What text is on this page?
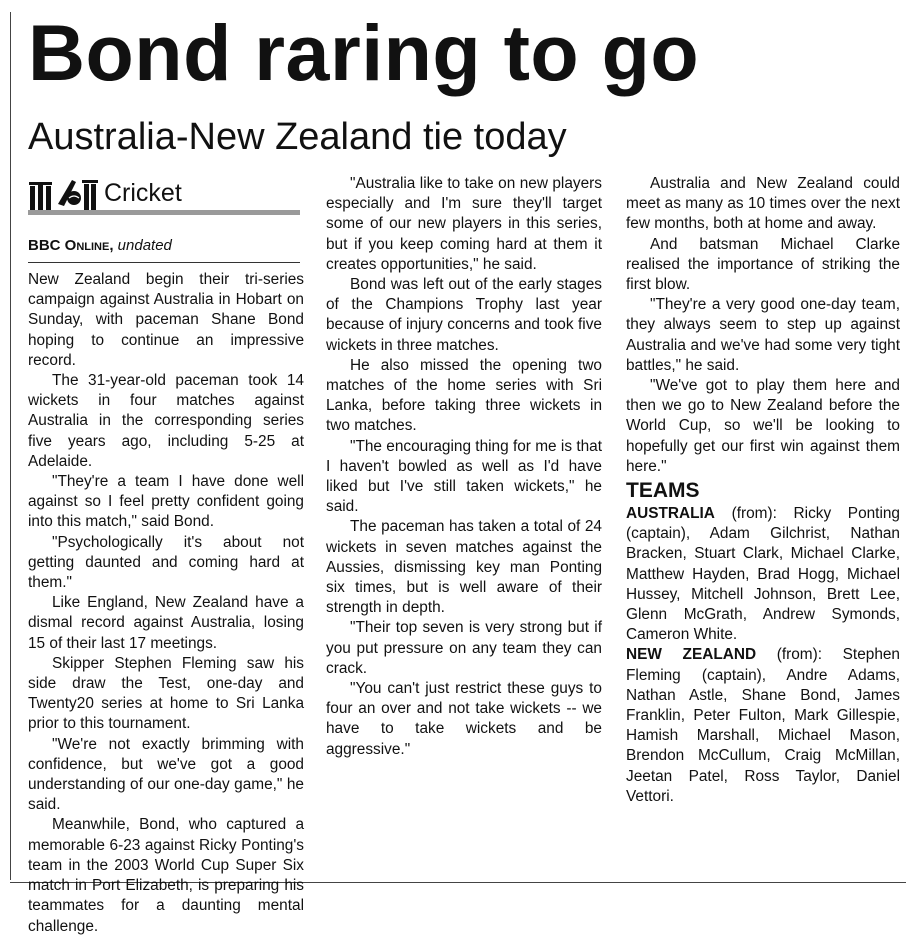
Bond raring to go
Australia-New Zealand tie today
Cricket
BBC Online, undated

New Zealand begin their tri-series campaign against Australia in Hobart on Sunday, with paceman Shane Bond hoping to continue an impressive record.

The 31-year-old paceman took 14 wickets in four matches against Australia in the corresponding series five years ago, including 5-25 at Adelaide.

"They're a team I have done well against so I feel pretty confident going into this match," said Bond.

"Psychologically it's about not getting daunted and coming hard at them."

Like England, New Zealand have a dismal record against Australia, losing 15 of their last 17 meetings.

Skipper Stephen Fleming saw his side draw the Test, one-day and Twenty20 series at home to Sri Lanka prior to this tournament.

"We're not exactly brimming with confidence, but we've got a good understanding of our one-day game," he said.

Meanwhile, Bond, who captured a memorable 6-23 against Ricky Ponting's team in the 2003 World Cup Super Six match in Port Elizabeth, is preparing his teammates for a daunting mental challenge.

"Australia like to take on new players especially and I'm sure they'll target some of our new players in this series, but if you keep coming hard at them it creates opportunities," he said.

Bond was left out of the early stages of the Champions Trophy last year because of injury concerns and took five wickets in three matches.

He also missed the opening two matches of the home series with Sri Lanka, before taking three wickets in two matches.

"The encouraging thing for me is that I haven't bowled as well as I'd have liked but I've still taken wickets," he said.

The paceman has taken a total of 24 wickets in seven matches against the Aussies, dismissing key man Ponting six times, but is well aware of their strength in depth.

"Their top seven is very strong but if you put pressure on any team they can crack.

"You can't just restrict these guys to four an over and not take wickets -- we have to take wickets and be aggressive."

Australia and New Zealand could meet as many as 10 times over the next few months, both at home and away.

And batsman Michael Clarke realised the importance of striking the first blow.

"They're a very good one-day team, they always seem to step up against Australia and we've had some very tight battles," he said.

"We've got to play them here and then we go to New Zealand before the World Cup, so we'll be looking to hopefully get our first win against them here."

TEAMS

AUSTRALIA (from): Ricky Ponting (captain), Adam Gilchrist, Nathan Bracken, Stuart Clark, Michael Clarke, Matthew Hayden, Brad Hogg, Michael Hussey, Mitchell Johnson, Brett Lee, Glenn McGrath, Andrew Symonds, Cameron White.

NEW ZEALAND (from): Stephen Fleming (captain), Andre Adams, Nathan Astle, Shane Bond, James Franklin, Peter Fulton, Mark Gillespie, Hamish Marshall, Michael Mason, Brendon McCullum, Craig McMillan, Jeetan Patel, Ross Taylor, Daniel Vettori.
